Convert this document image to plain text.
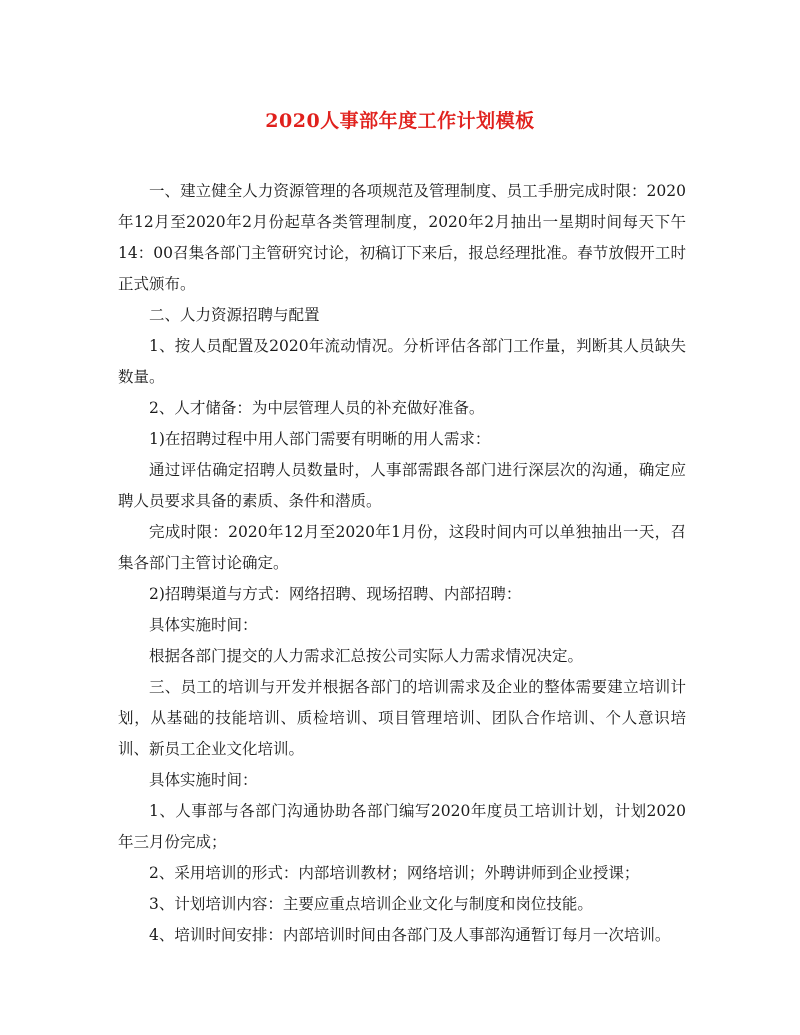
2020人事部年度工作计划模板

一、建立健全人力资源管理的各项规范及管理制度、员工手册完成时限：2020年12月至2020年2月份起草各类管理制度，2020年2月抽出一星期时间每天下午14：00召集各部门主管研究讨论，初稿订下来后，报总经理批准。春节放假开工时正式颁布。

二、人力资源招聘与配置

1、按人员配置及2020年流动情况。分析评估各部门工作量，判断其人员缺失数量。

2、人才储备：为中层管理人员的补充做好准备。

1)在招聘过程中用人部门需要有明晰的用人需求：

通过评估确定招聘人员数量时，人事部需跟各部门进行深层次的沟通，确定应聘人员要求具备的素质、条件和潜质。

完成时限：2020年12月至2020年1月份，这段时间内可以单独抽出一天，召集各部门主管讨论确定。

2)招聘渠道与方式：网络招聘、现场招聘、内部招聘：

具体实施时间：

根据各部门提交的人力需求汇总按公司实际人力需求情况决定。

三、员工的培训与开发并根据各部门的培训需求及企业的整体需要建立培训计划，从基础的技能培训、质检培训、项目管理培训、团队合作培训、个人意识培训、新员工企业文化培训。

具体实施时间：

1、人事部与各部门沟通协助各部门编写2020年度员工培训计划，计划2020年三月份完成；

2、采用培训的形式：内部培训教材；网络培训；外聘讲师到企业授课；

3、计划培训内容：主要应重点培训企业文化与制度和岗位技能。

4、培训时间安排：内部培训时间由各部门及人事部沟通暂订每月一次培训。
